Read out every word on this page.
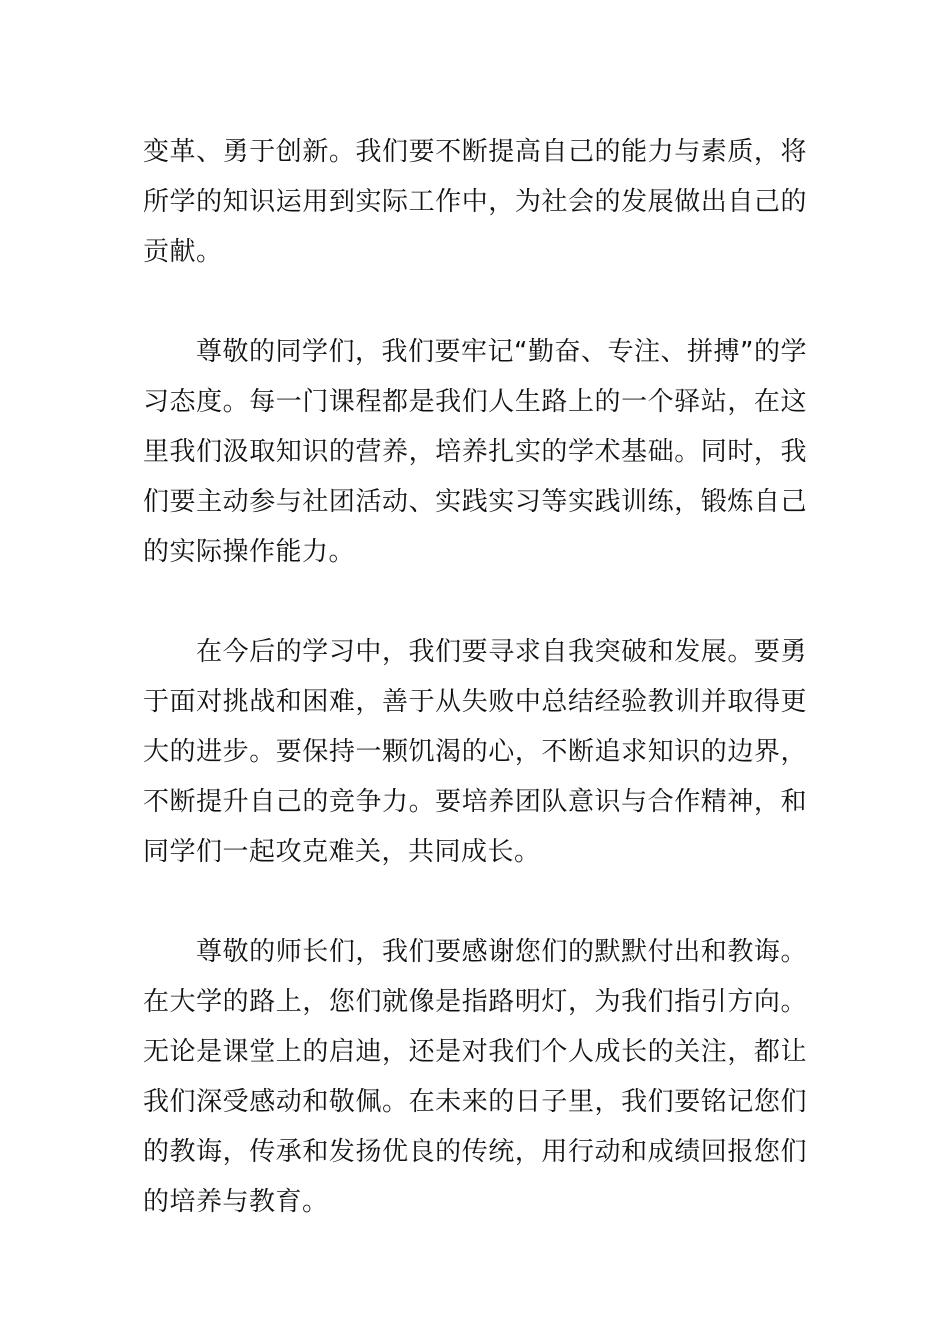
变革、勇于创新。我们要不断提高自己的能力与素质，将所学的知识运用到实际工作中，为社会的发展做出自己的贡献。

尊敬的同学们，我们要牢记“勤奋、专注、拼搏”的学习态度。每一门课程都是我们人生路上的一个驿站，在这里我们汲取知识的营养，培养扎实的学术基础。同时，我们要主动参与社团活动、实践实习等实践训练，锻炼自己的实际操作能力。

在今后的学习中，我们要寻求自我突破和发展。要勇于面对挑战和困难，善于从失败中总结经验教训并取得更大的进步。要保持一颗饥渴的心，不断追求知识的边界，不断提升自己的竞争力。要培养团队意识与合作精神，和同学们一起攻克难关，共同成长。

尊敬的师长们，我们要感谢您们的默默付出和教诲。在大学的路上，您们就像是指路明灯，为我们指引方向。无论是课堂上的启迪，还是对我们个人成长的关注，都让我们深受感动和敬佩。在未来的日子里，我们要铭记您们的教诲，传承和发扬优良的传统，用行动和成绩回报您们的培养与教育。
